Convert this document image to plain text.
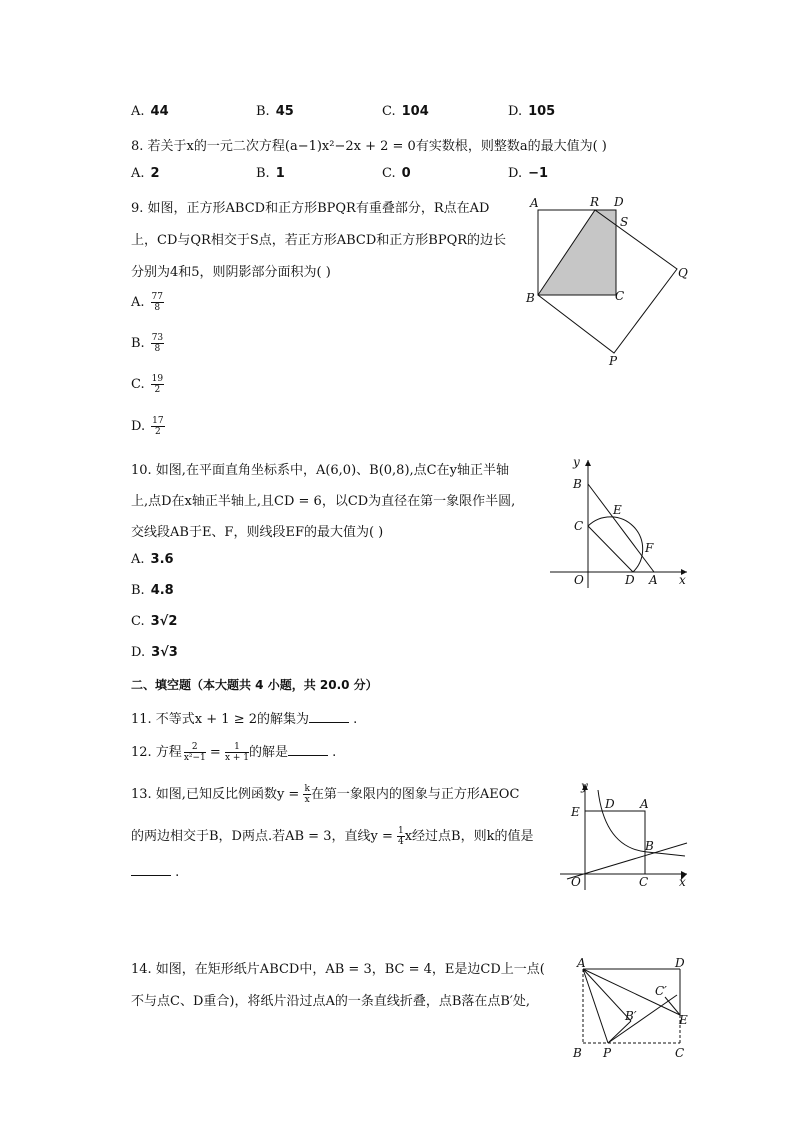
A. 44	B. 45	C. 104	D. 105
8. 若关于x的一元二次方程(a−1)x²−2x + 2 = 0有实数根，则整数a的最大值为( )
A. 2	B. 1	C. 0	D. −1
9. 如图，正方形ABCD和正方形BPQR有重叠部分，R点在AD
上，CD与QR相交于S点，若正方形ABCD和正方形BPQR的边长
分别为4和5，则阴影部分面积为( )
A. $\frac{77}{8}$
B. $\frac{73}{8}$
C. $\frac{19}{2}$
D. $\frac{17}{2}$
A	R D
S
Q
B	C
P
10. 如图,在平面直角坐标系中，A(6,0)、B(0,8),点C在y轴正半轴
上,点D在x轴正半轴上,且CD = 6，以CD为直径在第一象限作半圆,
交线段AB于E、F，则线段EF的最大值为( )
A. 3.6
B. 4.8
C. 3√2
D. 3√3
y
B
E
C
F
O	D A x
二、填空题（本大题共 4 小题，共 20.0 分）
11. 不等式x + 1 ≥ 2的解集为	.
12. 方程 $\frac{2}{\text{x²−1}} = \frac{1}{x + 1}$ 的解是	.
13. 如图,已知反比例函数$y = \frac{k}{x}$ 在第一象限内的图象与正方形AEOC
的两边相交于B，D两点.若AB = 3，直线$y = \frac{1}{4}$ x经过点B，则k的值是
.
y
D A
E
B
O	C	x
14. 如图，在矩形纸片ABCD中，AB = 3，BC = 4，E是边CD上一点(
不与点C、D重合)，将纸片沿过点A的一条直线折叠，点B落在点B′处,
A	D
C′
B′	E
B P	C
